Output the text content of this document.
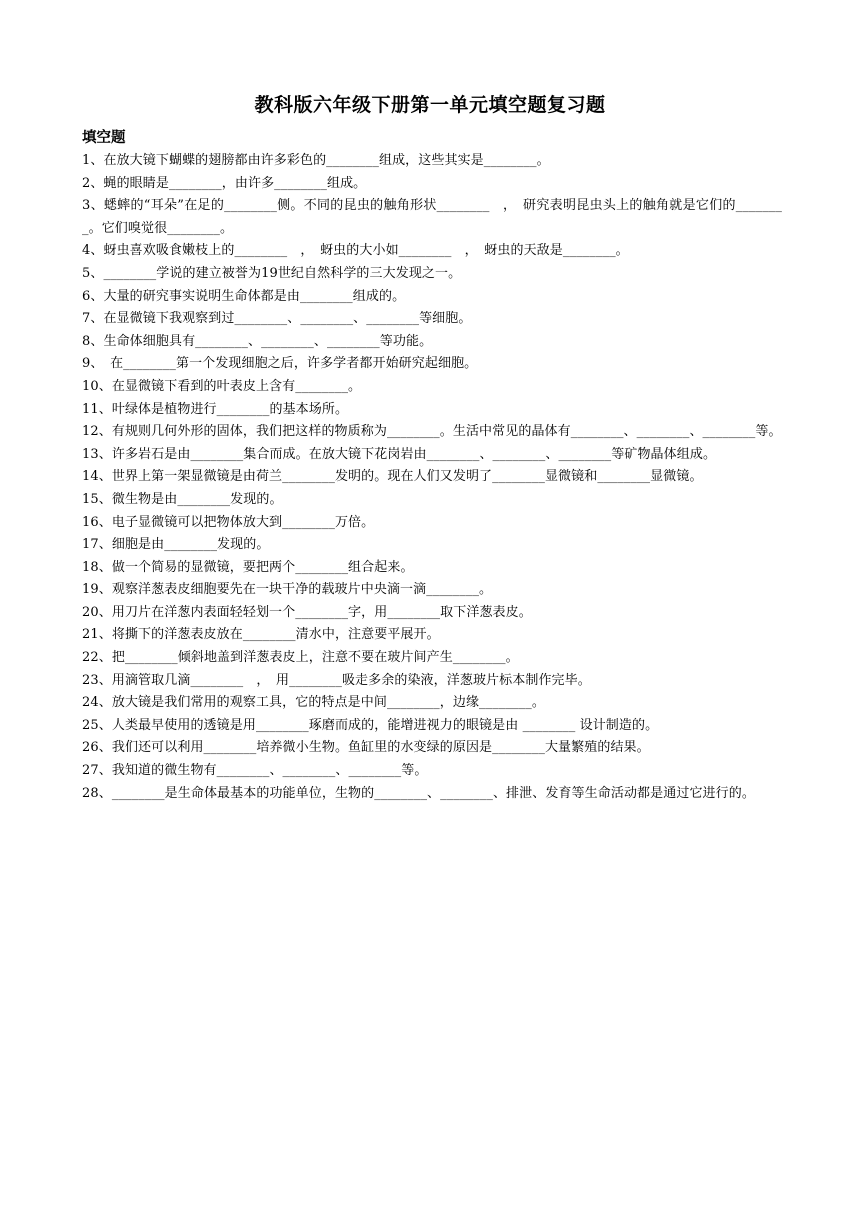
教科版六年级下册第一单元填空题复习题
填空题
1、在放大镜下蝴蝶的翅膀都由许多彩色的________组成，这些其实是________。
2、蝇的眼睛是________，由许多________组成。
3、蟋蟀的“耳朵”在足的________侧。不同的昆虫的触角形状________　，　研究表明昆虫头上的触角就是它们的________。它们嗅觉很________。
4、蚜虫喜欢吸食嫩枝上的________　，　蚜虫的大小如________　，　蚜虫的天敌是________。
5、________学说的建立被誉为19世纪自然科学的三大发现之一。
6、大量的研究事实说明生命体都是由________组成的。
7、在显微镜下我观察到过________、________、________等细胞。
8、生命体细胞具有________、________、________等功能。
9、　在________第一个发现细胞之后，许多学者都开始研究起细胞。
10、在显微镜下看到的叶表皮上含有________。
11、叶绿体是植物进行________的基本场所。
12、有规则几何外形的固体，我们把这样的物质称为________。生活中常见的晶体有________、________、________等。
13、许多岩石是由________集合而成。在放大镜下花岗岩由________、________、________等矿物晶体组成。
14、世界上第一架显微镜是由荷兰________发明的。现在人们又发明了________显微镜和________显微镜。
15、微生物是由________发现的。
16、电子显微镜可以把物体放大到________万倍。
17、细胞是由________发现的。
18、做一个简易的显微镜，要把两个________组合起来。
19、观察洋葱表皮细胞要先在一块干净的载玻片中央滴一滴________。
20、用刀片在洋葱内表面轻轻划一个________字，用________取下洋葱表皮。
21、将撕下的洋葱表皮放在________清水中，注意要平展开。
22、把________倾斜地盖到洋葱表皮上，注意不要在玻片间产生________。
23、用滴管取几滴________　，　用________吸走多余的染液，洋葱玻片标本制作完毕。
24、放大镜是我们常用的观察工具，它的特点是中间________，边缘________。
25、人类最早使用的透镜是用________琢磨而成的，能增进视力的眼镜是由 ________ 设计制造的。
26、我们还可以利用________培养微小生物。鱼缸里的水变绿的原因是________大量繁殖的结果。
27、我知道的微生物有________、________、________等。
28、________是生命体最基本的功能单位，生物的________、________、排泄、发育等生命活动都是通过它进行的。
